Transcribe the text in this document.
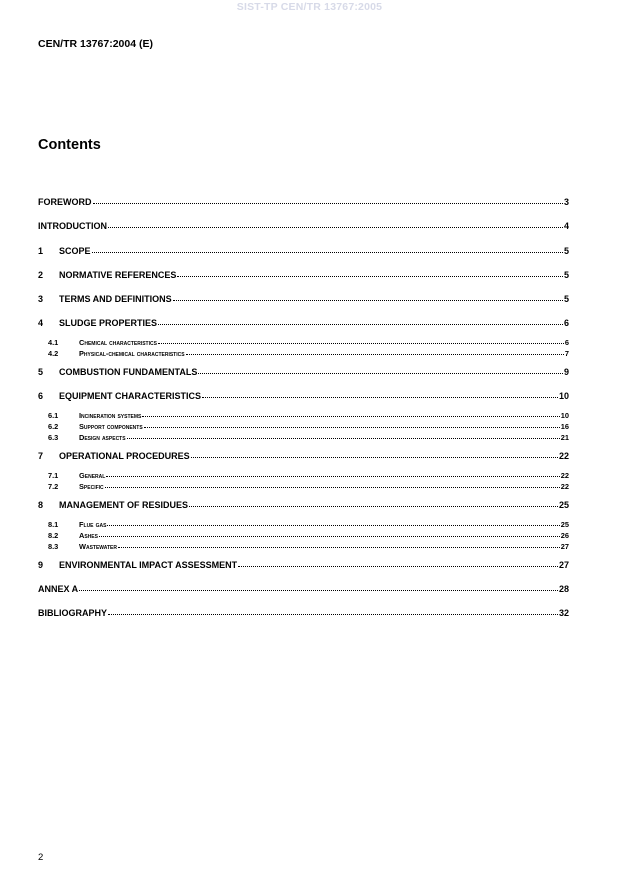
SIST-TP CEN/TR 13767:2005
CEN/TR 13767:2004 (E)
Contents
FOREWORD	3
INTRODUCTION	4
1	SCOPE	5
2	NORMATIVE REFERENCES	5
3	TERMS AND DEFINITIONS	5
4	SLUDGE PROPERTIES	6
4.1	Chemical characteristics	6
4.2	Physical-chemical characteristics	7
5	COMBUSTION FUNDAMENTALS	9
6	EQUIPMENT CHARACTERISTICS	10
6.1	Incineration systems	10
6.2	Support components	16
6.3	Design aspects	21
7	OPERATIONAL PROCEDURES	22
7.1	General	22
7.2	Specific	22
8	MANAGEMENT OF RESIDUES	25
8.1	Flue gas	25
8.2	Ashes	26
8.3	Wastewater	27
9	ENVIRONMENTAL IMPACT ASSESSMENT	27
ANNEX A	28
BIBLIOGRAPHY	32
2
